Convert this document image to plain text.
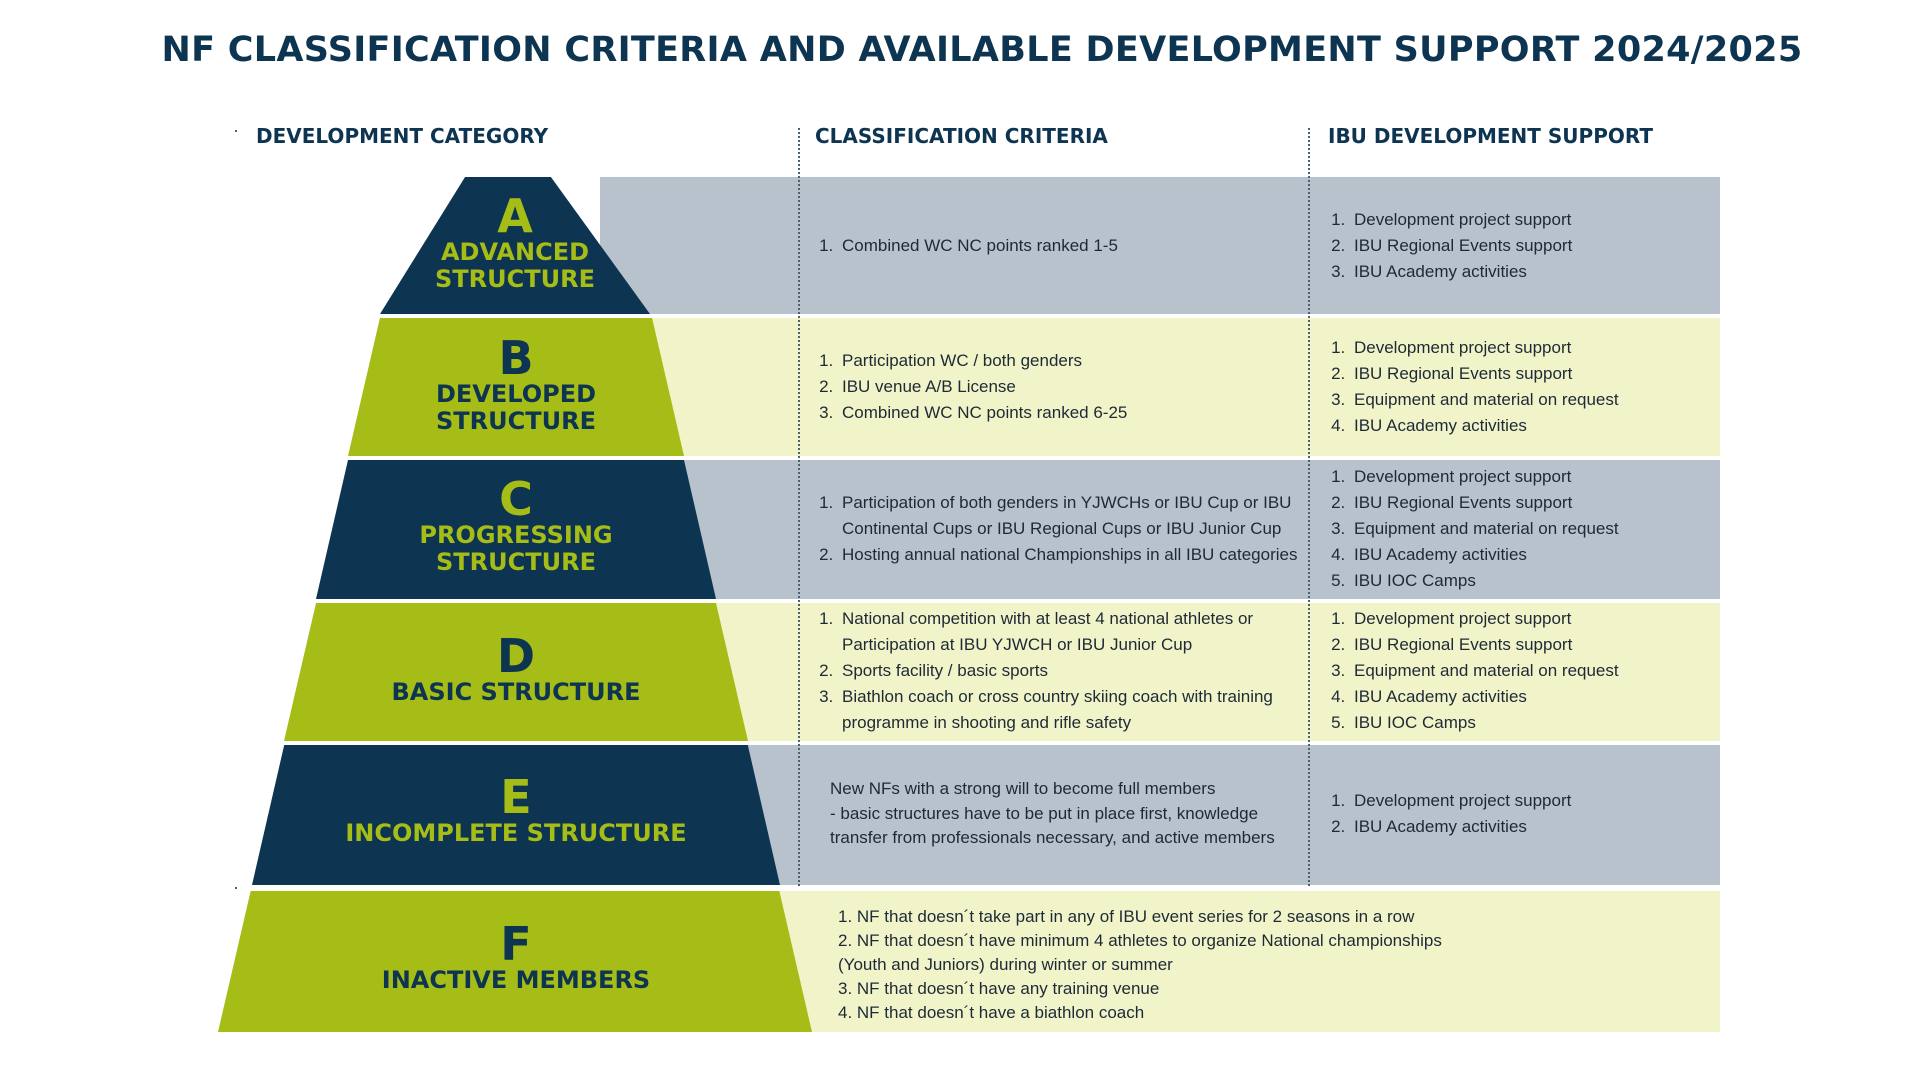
NF CLASSIFICATION CRITERIA AND AVAILABLE DEVELOPMENT SUPPORT 2024/2025
DEVELOPMENT CATEGORY	CLASSIFICATION CRITERIA	IBU DEVELOPMENT SUPPORT
A
ADVANCED
STRUCTURE
B
DEVELOPED
STRUCTURE
C
PROGRESSING
STRUCTURE
D
BASIC STRUCTURE
E
INCOMPLETE STRUCTURE
F
INACTIVE MEMBERS
1. Combined WC NC points ranked 1-5
1. Participation WC / both genders
2. IBU venue A/B License
3. Combined WC NC points ranked 6-25
1. Participation of both genders in YJWCHs or IBU Cup or IBU Continental Cups or IBU Regional Cups or IBU Junior Cup
2. Hosting annual national Championships in all IBU categories
1. National competition with at least 4 national athletes or Participation at IBU YJWCH or IBU Junior Cup
2. Sports facility / basic sports
3. Biathlon coach or cross country skiing coach with training programme in shooting and rifle safety
New NFs with a strong will to become full members
- basic structures have to be put in place first, knowledge
transfer from professionals necessary, and active members
1. NF that doesn´t take part in any of IBU event series for 2 seasons in a row
2. NF that doesn´t have minimum 4 athletes to organize National championships
(Youth and Juniors) during winter or summer
3. NF that doesn´t have any training venue
4. NF that doesn´t have a biathlon coach
1. Development project support
2. IBU Regional Events support
3. IBU Academy activities
1. Development project support
2. IBU Regional Events support
3. Equipment and material on request
4. IBU Academy activities
1. Development project support
2. IBU Regional Events support
3. Equipment and material on request
4. IBU Academy activities
5. IBU IOC Camps
1. Development project support
2. IBU Regional Events support
3. Equipment and material on request
4. IBU Academy activities
5. IBU IOC Camps
1. Development project support
2. IBU Academy activities
